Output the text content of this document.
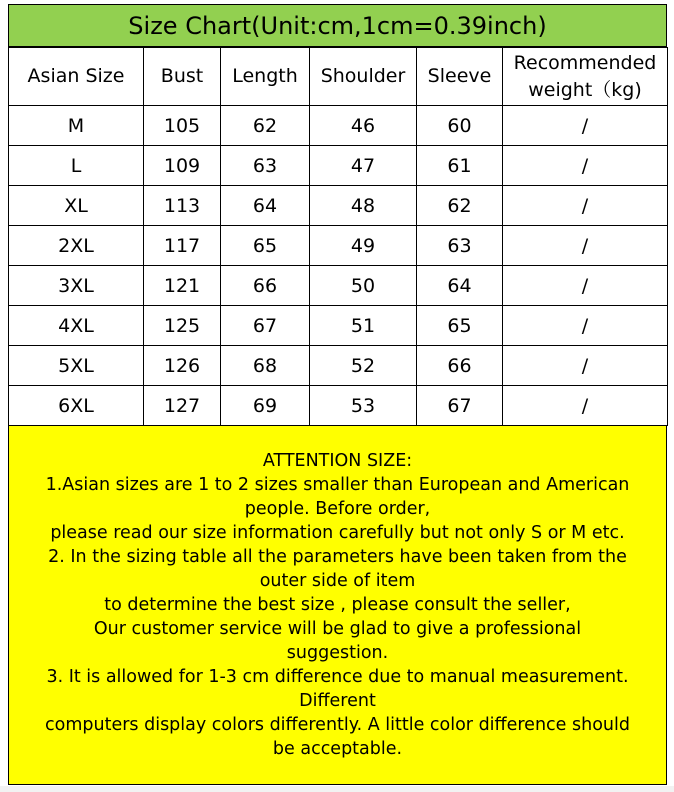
Size Chart(Unit:cm,1cm=0.39inch)
Asian Size	Bust	Length	Shoulder	Sleeve	Recommended weight（kg)
M	105	62	46	60	/
L	109	63	47	61	/
XL	113	64	48	62	/
2XL	117	65	49	63	/
3XL	121	66	50	64	/
4XL	125	67	51	65	/
5XL	126	68	52	66	/
6XL	127	69	53	67	/
ATTENTION SIZE:
1.Asian sizes are 1 to 2 sizes smaller than European and American
people. Before order,
please read our size information carefully but not only S or M etc.
2. In the sizing table all the parameters have been taken from the
outer side of item
to determine the best size , please consult the seller,
Our customer service will be glad to give a professional
suggestion.
3. It is allowed for 1-3 cm difference due to manual measurement.
Different
computers display colors differently. A little color difference should
be acceptable.
